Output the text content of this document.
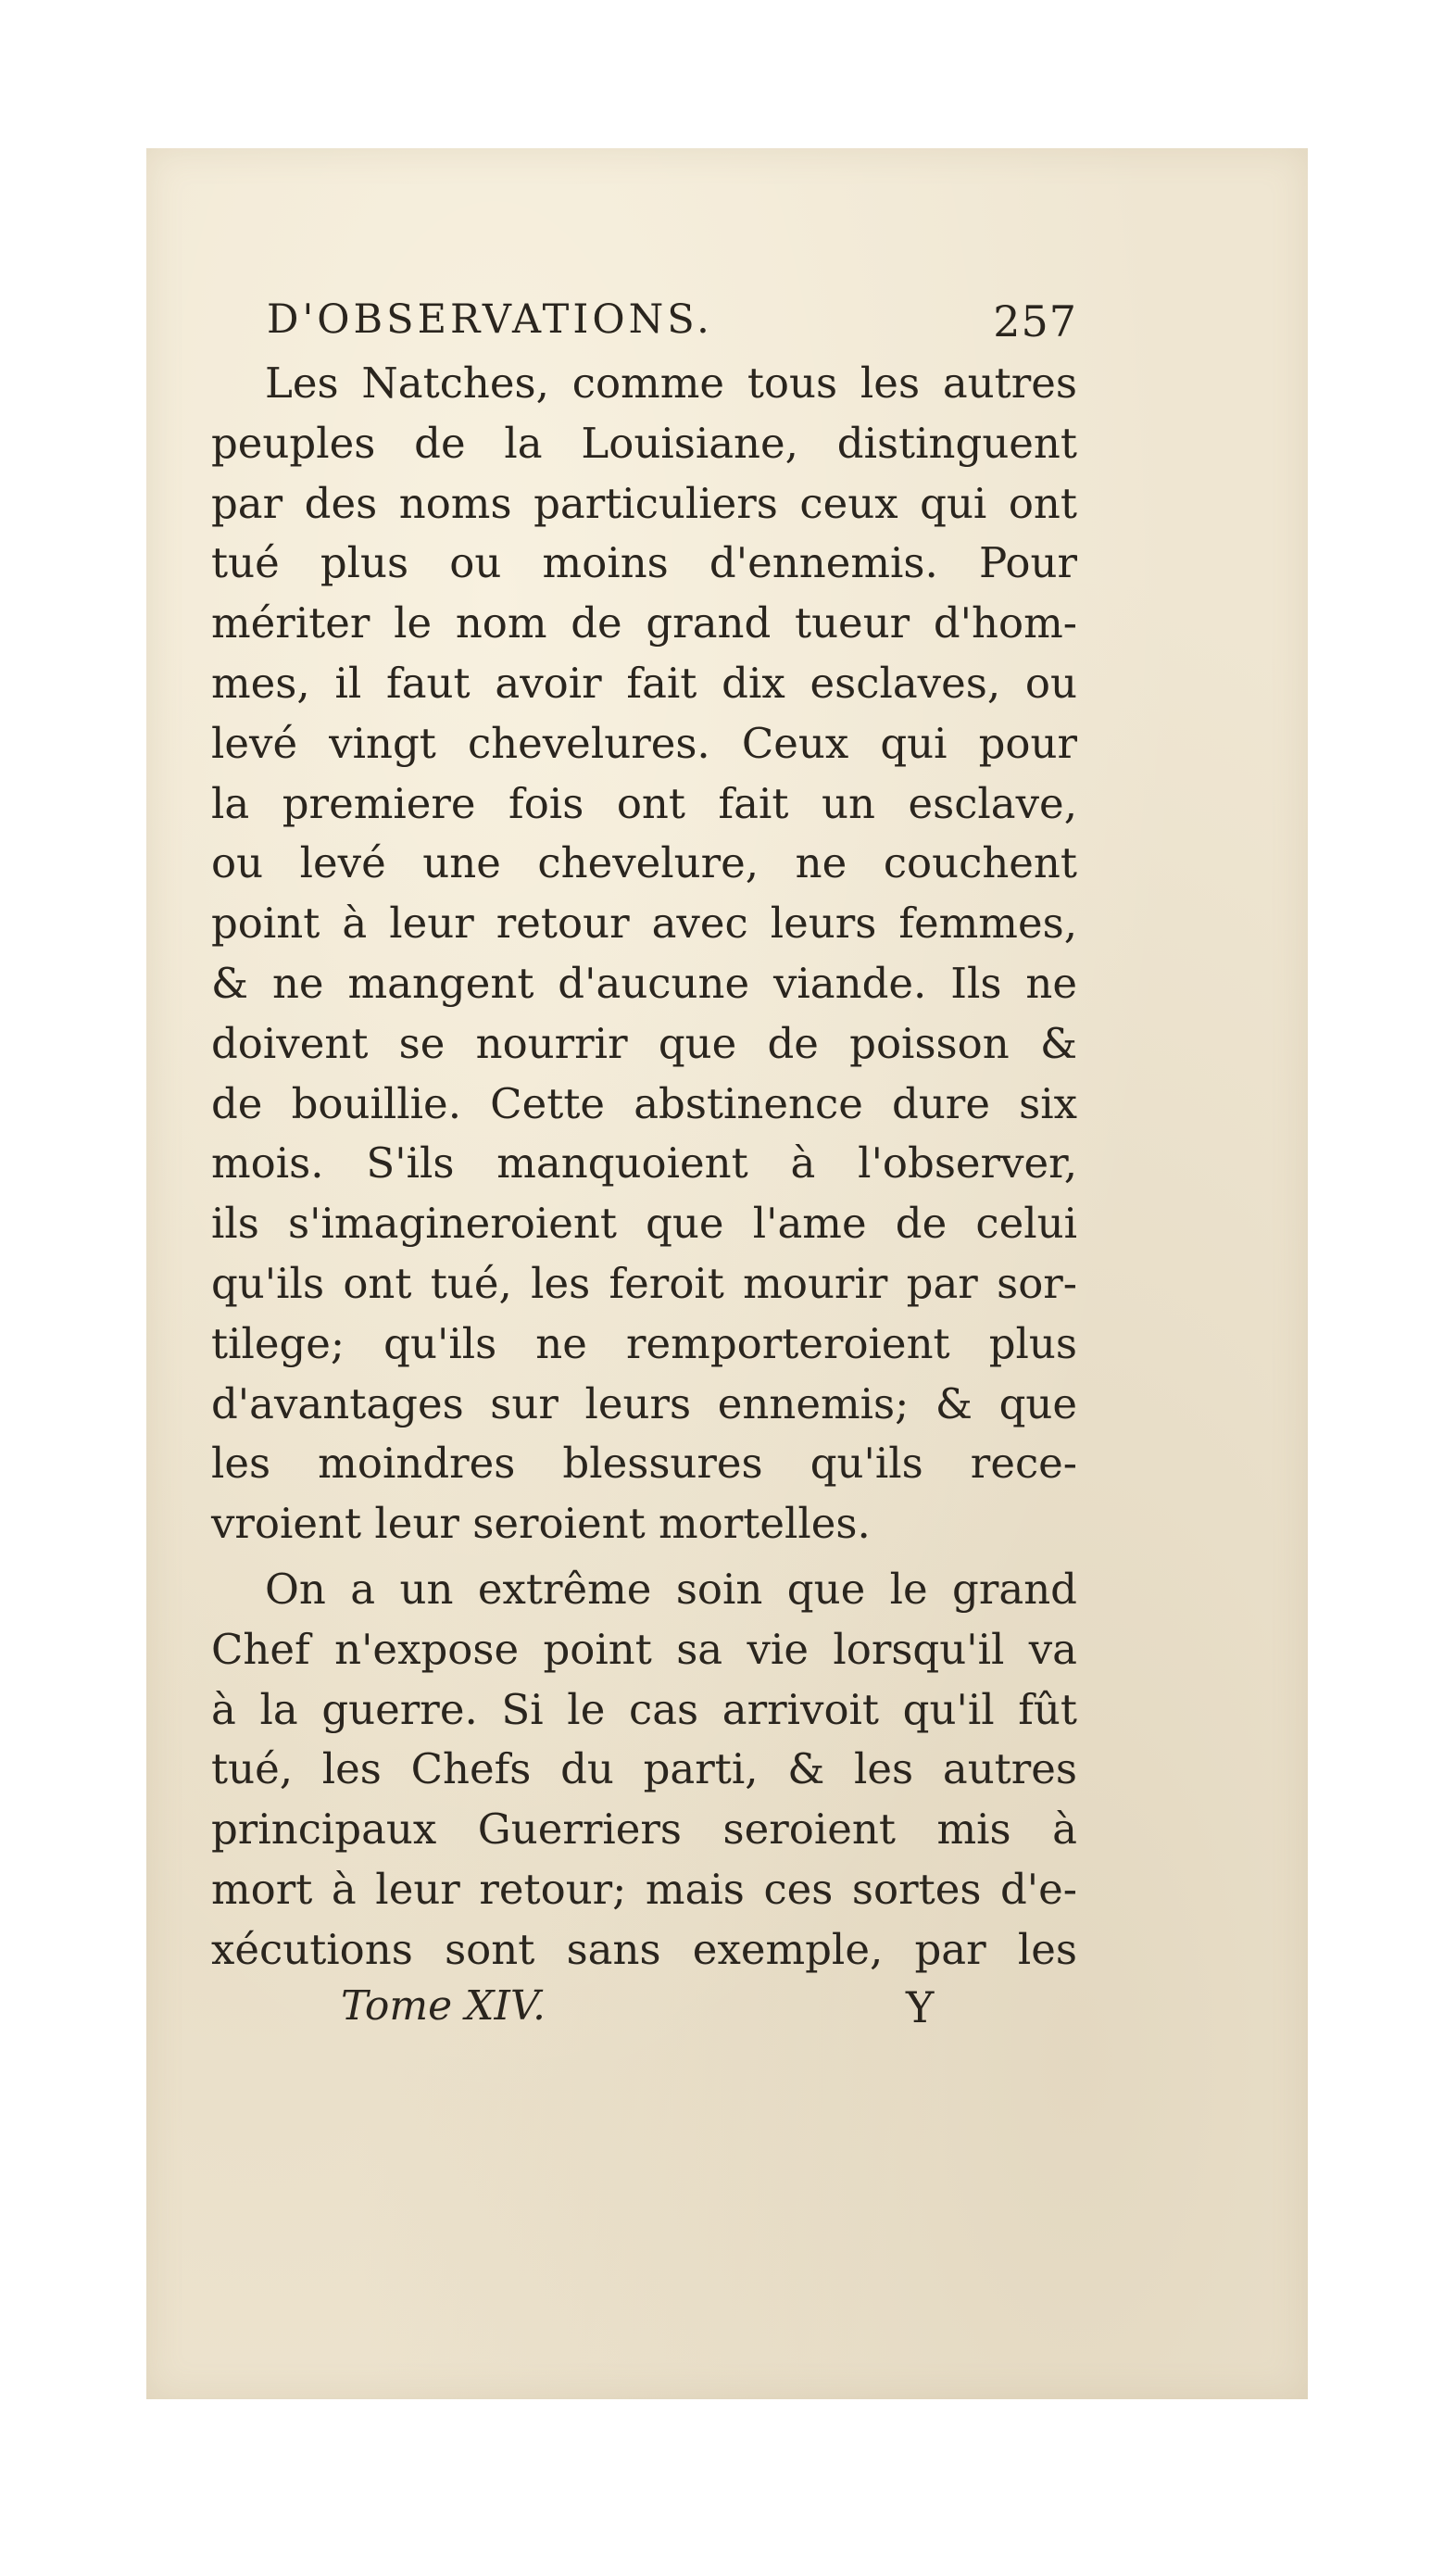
D'OBSERVATIONS.	257

Les Natches, comme tous les autres
peuples de la Louisiane, distinguent
par des noms particuliers ceux qui ont
tué plus ou moins d'ennemis. Pour
mériter le nom de grand tueur d'hom-
mes, il faut avoir fait dix esclaves, ou
levé vingt chevelures. Ceux qui pour
la premiere fois ont fait un esclave,
ou levé une chevelure, ne couchent
point à leur retour avec leurs femmes,
& ne mangent d'aucune viande. Ils ne
doivent se nourrir que de poisson &
de bouillie. Cette abstinence dure six
mois. S'ils manquoient à l'observer,
ils s'imagineroient que l'ame de celui
qu'ils ont tué, les feroit mourir par sor-
tilege; qu'ils ne remporteroient plus
d'avantages sur leurs ennemis; & que
les moindres blessures qu'ils rece-
vroient leur seroient mortelles.

On a un extrême soin que le grand
Chef n'expose point sa vie lorsqu'il va
à la guerre. Si le cas arrivoit qu'il fût
tué, les Chefs du parti, & les autres
principaux Guerriers seroient mis à
mort à leur retour; mais ces sortes d'e-
xécutions sont sans exemple, par les

Tome XIV.	Y
